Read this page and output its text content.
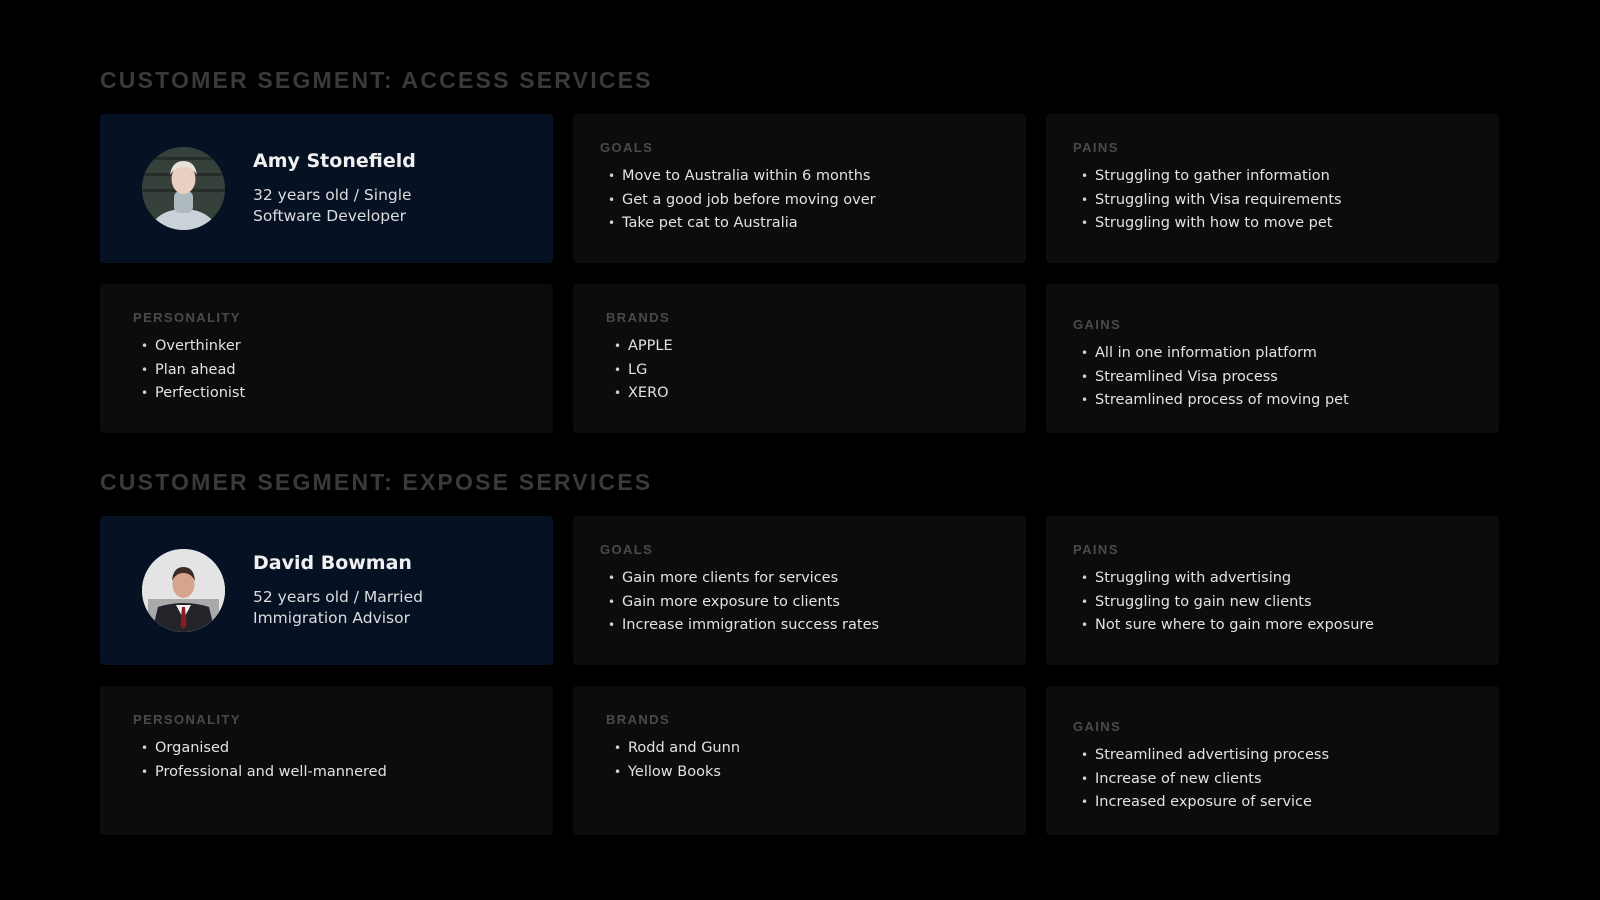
CUSTOMER SEGMENT: ACCESS SERVICES
Amy Stonefield
32 years old / Single
Software Developer
GOALS
• Move to Australia within 6 months
• Get a good job before moving over
• Take pet cat to Australia
PAINS
• Struggling to gather information
• Struggling with Visa requirements
• Struggling with how to move pet
PERSONALITY
• Overthinker
• Plan ahead
• Perfectionist
BRANDS
• APPLE
• LG
• XERO
GAINS
• All in one information platform
• Streamlined Visa process
• Streamlined process of moving pet
CUSTOMER SEGMENT: EXPOSE SERVICES
David Bowman
52 years old / Married
Immigration Advisor
GOALS
• Gain more clients for services
• Gain more exposure to clients
• Increase immigration success rates
PAINS
• Struggling with advertising
• Struggling to gain new clients
• Not sure where to gain more exposure
PERSONALITY
• Organised
• Professional and well-mannered
BRANDS
• Rodd and Gunn
• Yellow Books
GAINS
• Streamlined advertising process
• Increase of new clients
• Increased exposure of service
